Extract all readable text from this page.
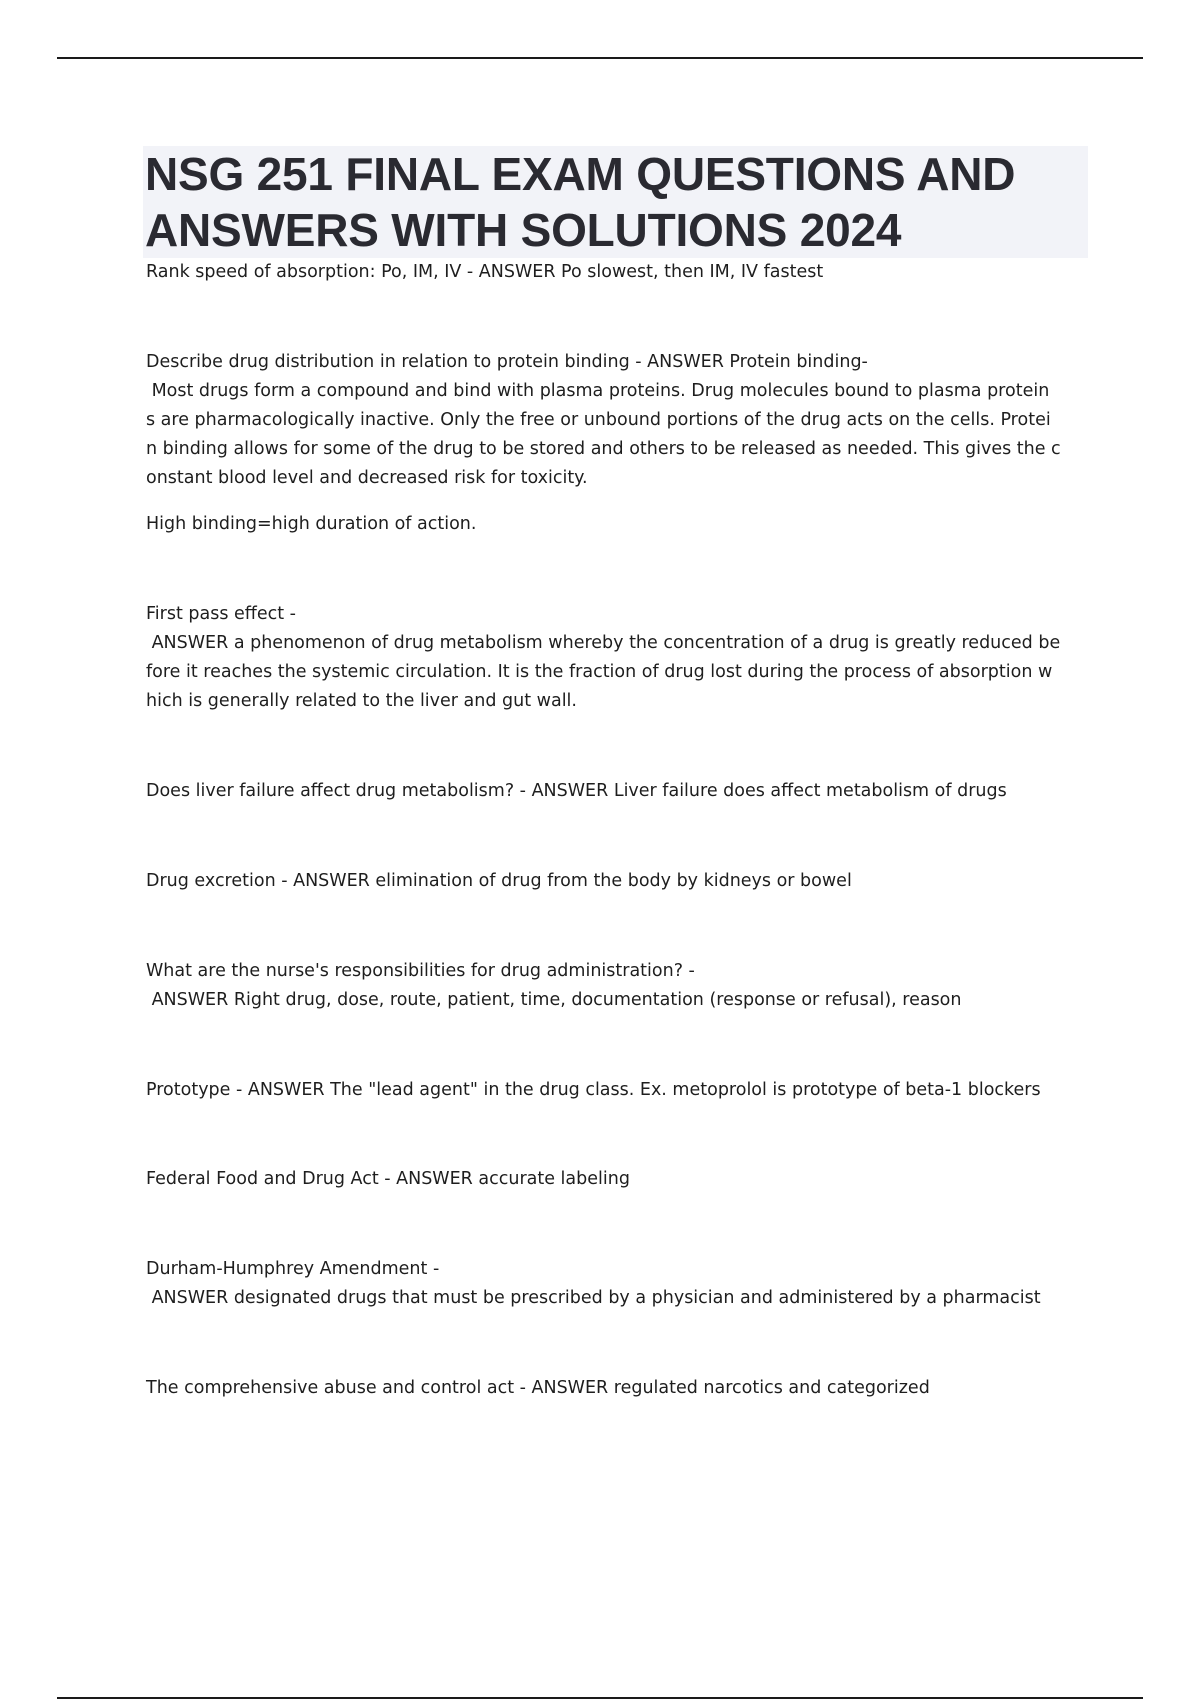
NSG 251 FINAL EXAM QUESTIONS AND ANSWERS WITH SOLUTIONS 2024

Rank speed of absorption: Po, IM, IV - ANSWER Po slowest, then IM, IV fastest

Describe drug distribution in relation to protein binding - ANSWER Protein binding-

Most drugs form a compound and bind with plasma proteins. Drug molecules bound to plasma protein

s are pharmacologically inactive. Only the free or unbound portions of the drug acts on the cells. Protei

n binding allows for some of the drug to be stored and others to be released as needed. This gives the c

onstant blood level and decreased risk for toxicity.

High binding=high duration of action.

First pass effect -

ANSWER a phenomenon of drug metabolism whereby the concentration of a drug is greatly reduced be

fore it reaches the systemic circulation. It is the fraction of drug lost during the process of absorption w

hich is generally related to the liver and gut wall.

Does liver failure affect drug metabolism? - ANSWER Liver failure does affect metabolism of drugs

Drug excretion - ANSWER elimination of drug from the body by kidneys or bowel

What are the nurse's responsibilities for drug administration? -

ANSWER Right drug, dose, route, patient, time, documentation (response or refusal), reason

Prototype - ANSWER The "lead agent" in the drug class. Ex. metoprolol is prototype of beta-1 blockers

Federal Food and Drug Act - ANSWER accurate labeling

Durham-Humphrey Amendment -

ANSWER designated drugs that must be prescribed by a physician and administered by a pharmacist

The comprehensive abuse and control act - ANSWER regulated narcotics and categorized
